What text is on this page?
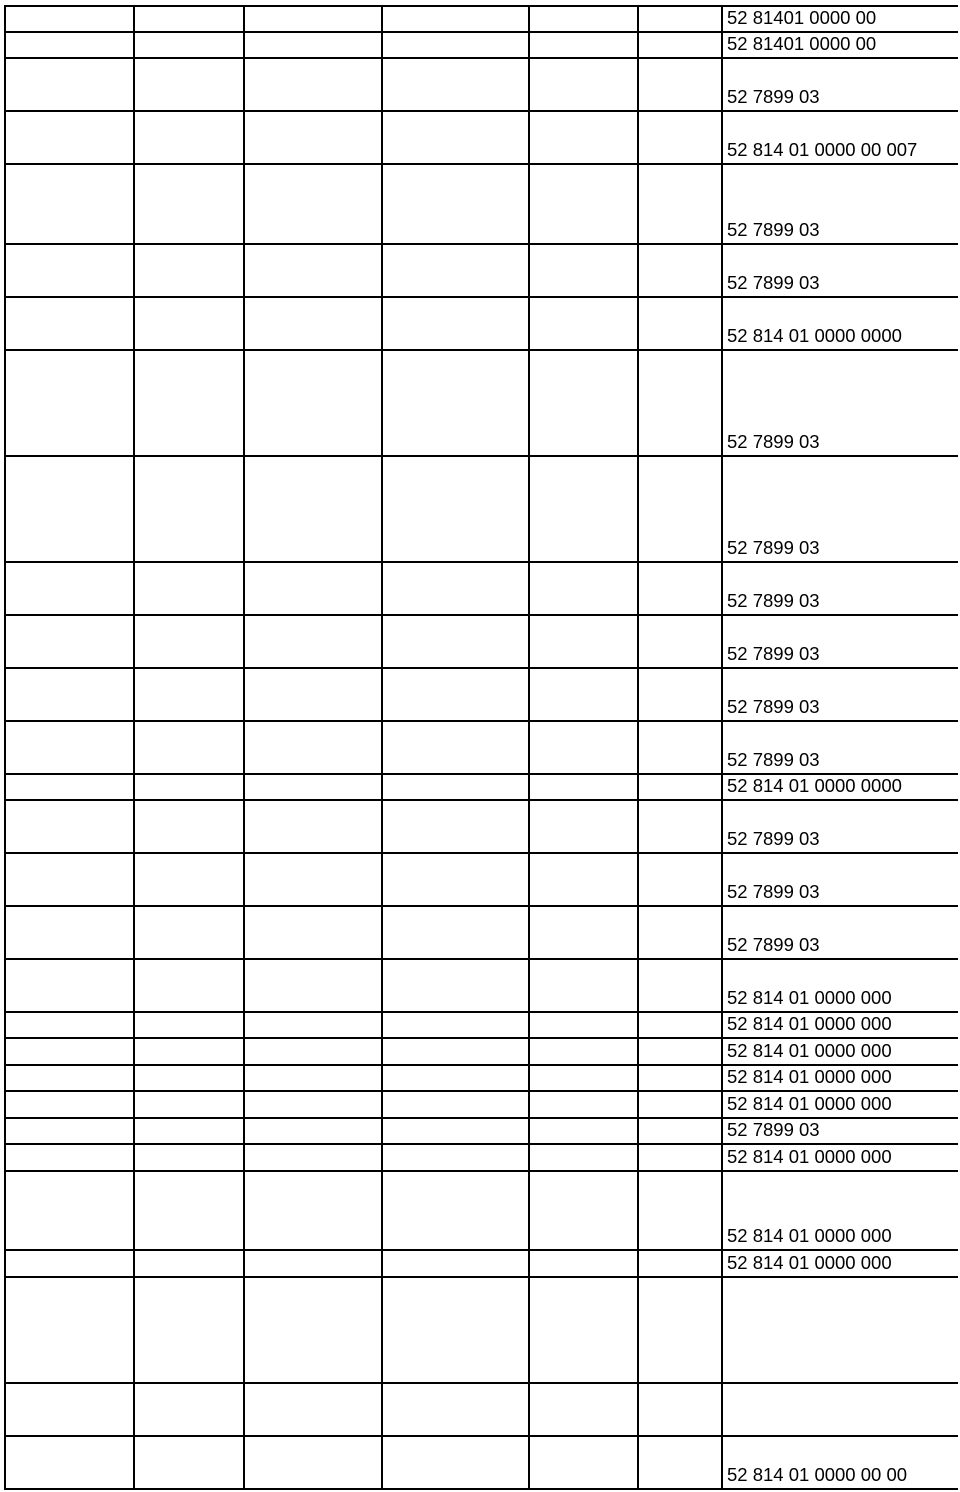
52 81401 0000 00
52 81401 0000 00
52 7899 03
52 814 01 0000 00 007
52 7899 03
52 7899 03
52 814 01 0000 0000
52 7899 03
52 7899 03
52 7899 03
52 7899 03
52 7899 03
52 7899 03
52 814 01 0000 0000
52 7899 03
52 7899 03
52 7899 03
52 814 01 0000 000
52 814 01 0000 000
52 814 01 0000 000
52 814 01 0000 000
52 814 01 0000 000
52 7899 03
52 814 01 0000 000
52 814 01 0000 000
52 814 01 0000 000
52 814 01 0000 00 00
